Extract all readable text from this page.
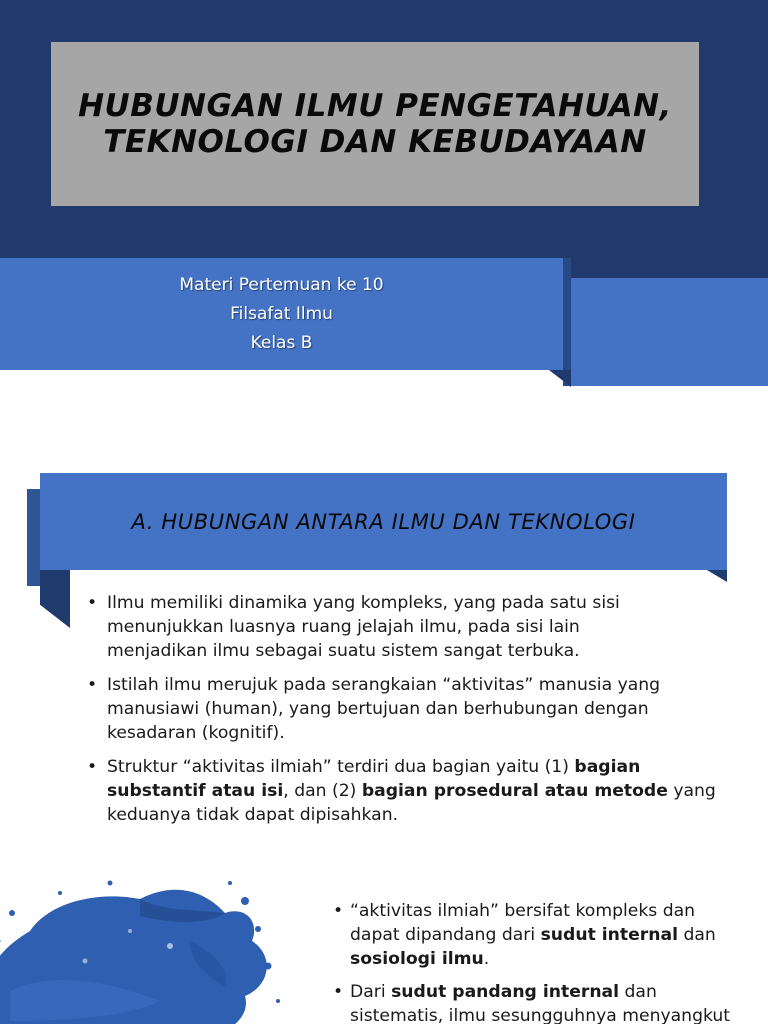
HUBUNGAN ILMU PENGETAHUAN,
TEKNOLOGI DAN KEBUDAYAAN
Materi Pertemuan ke 10
Filsafat Ilmu
Kelas B
A. HUBUNGAN ANTARA ILMU DAN TEKNOLOGI
• Ilmu memiliki dinamika yang kompleks, yang pada satu sisi
menunjukkan luasnya ruang jelajah ilmu, pada sisi lain
menjadikan ilmu sebagai suatu sistem sangat terbuka.
• Istilah ilmu merujuk pada serangkaian “aktivitas” manusia yang
manusiawi (human), yang bertujuan dan berhubungan dengan
kesadaran (kognitif).
• Struktur “aktivitas ilmiah” terdiri dua bagian yaitu (1) bagian
substantif atau isi, dan (2) bagian prosedural atau metode yang
keduanya tidak dapat dipisahkan.
• “aktivitas ilmiah” bersifat kompleks dan
dapat dipandang dari sudut internal dan
sosiologi ilmu.
• Dari sudut pandang internal dan
sistematis, ilmu sesungguhnya menyangkut
